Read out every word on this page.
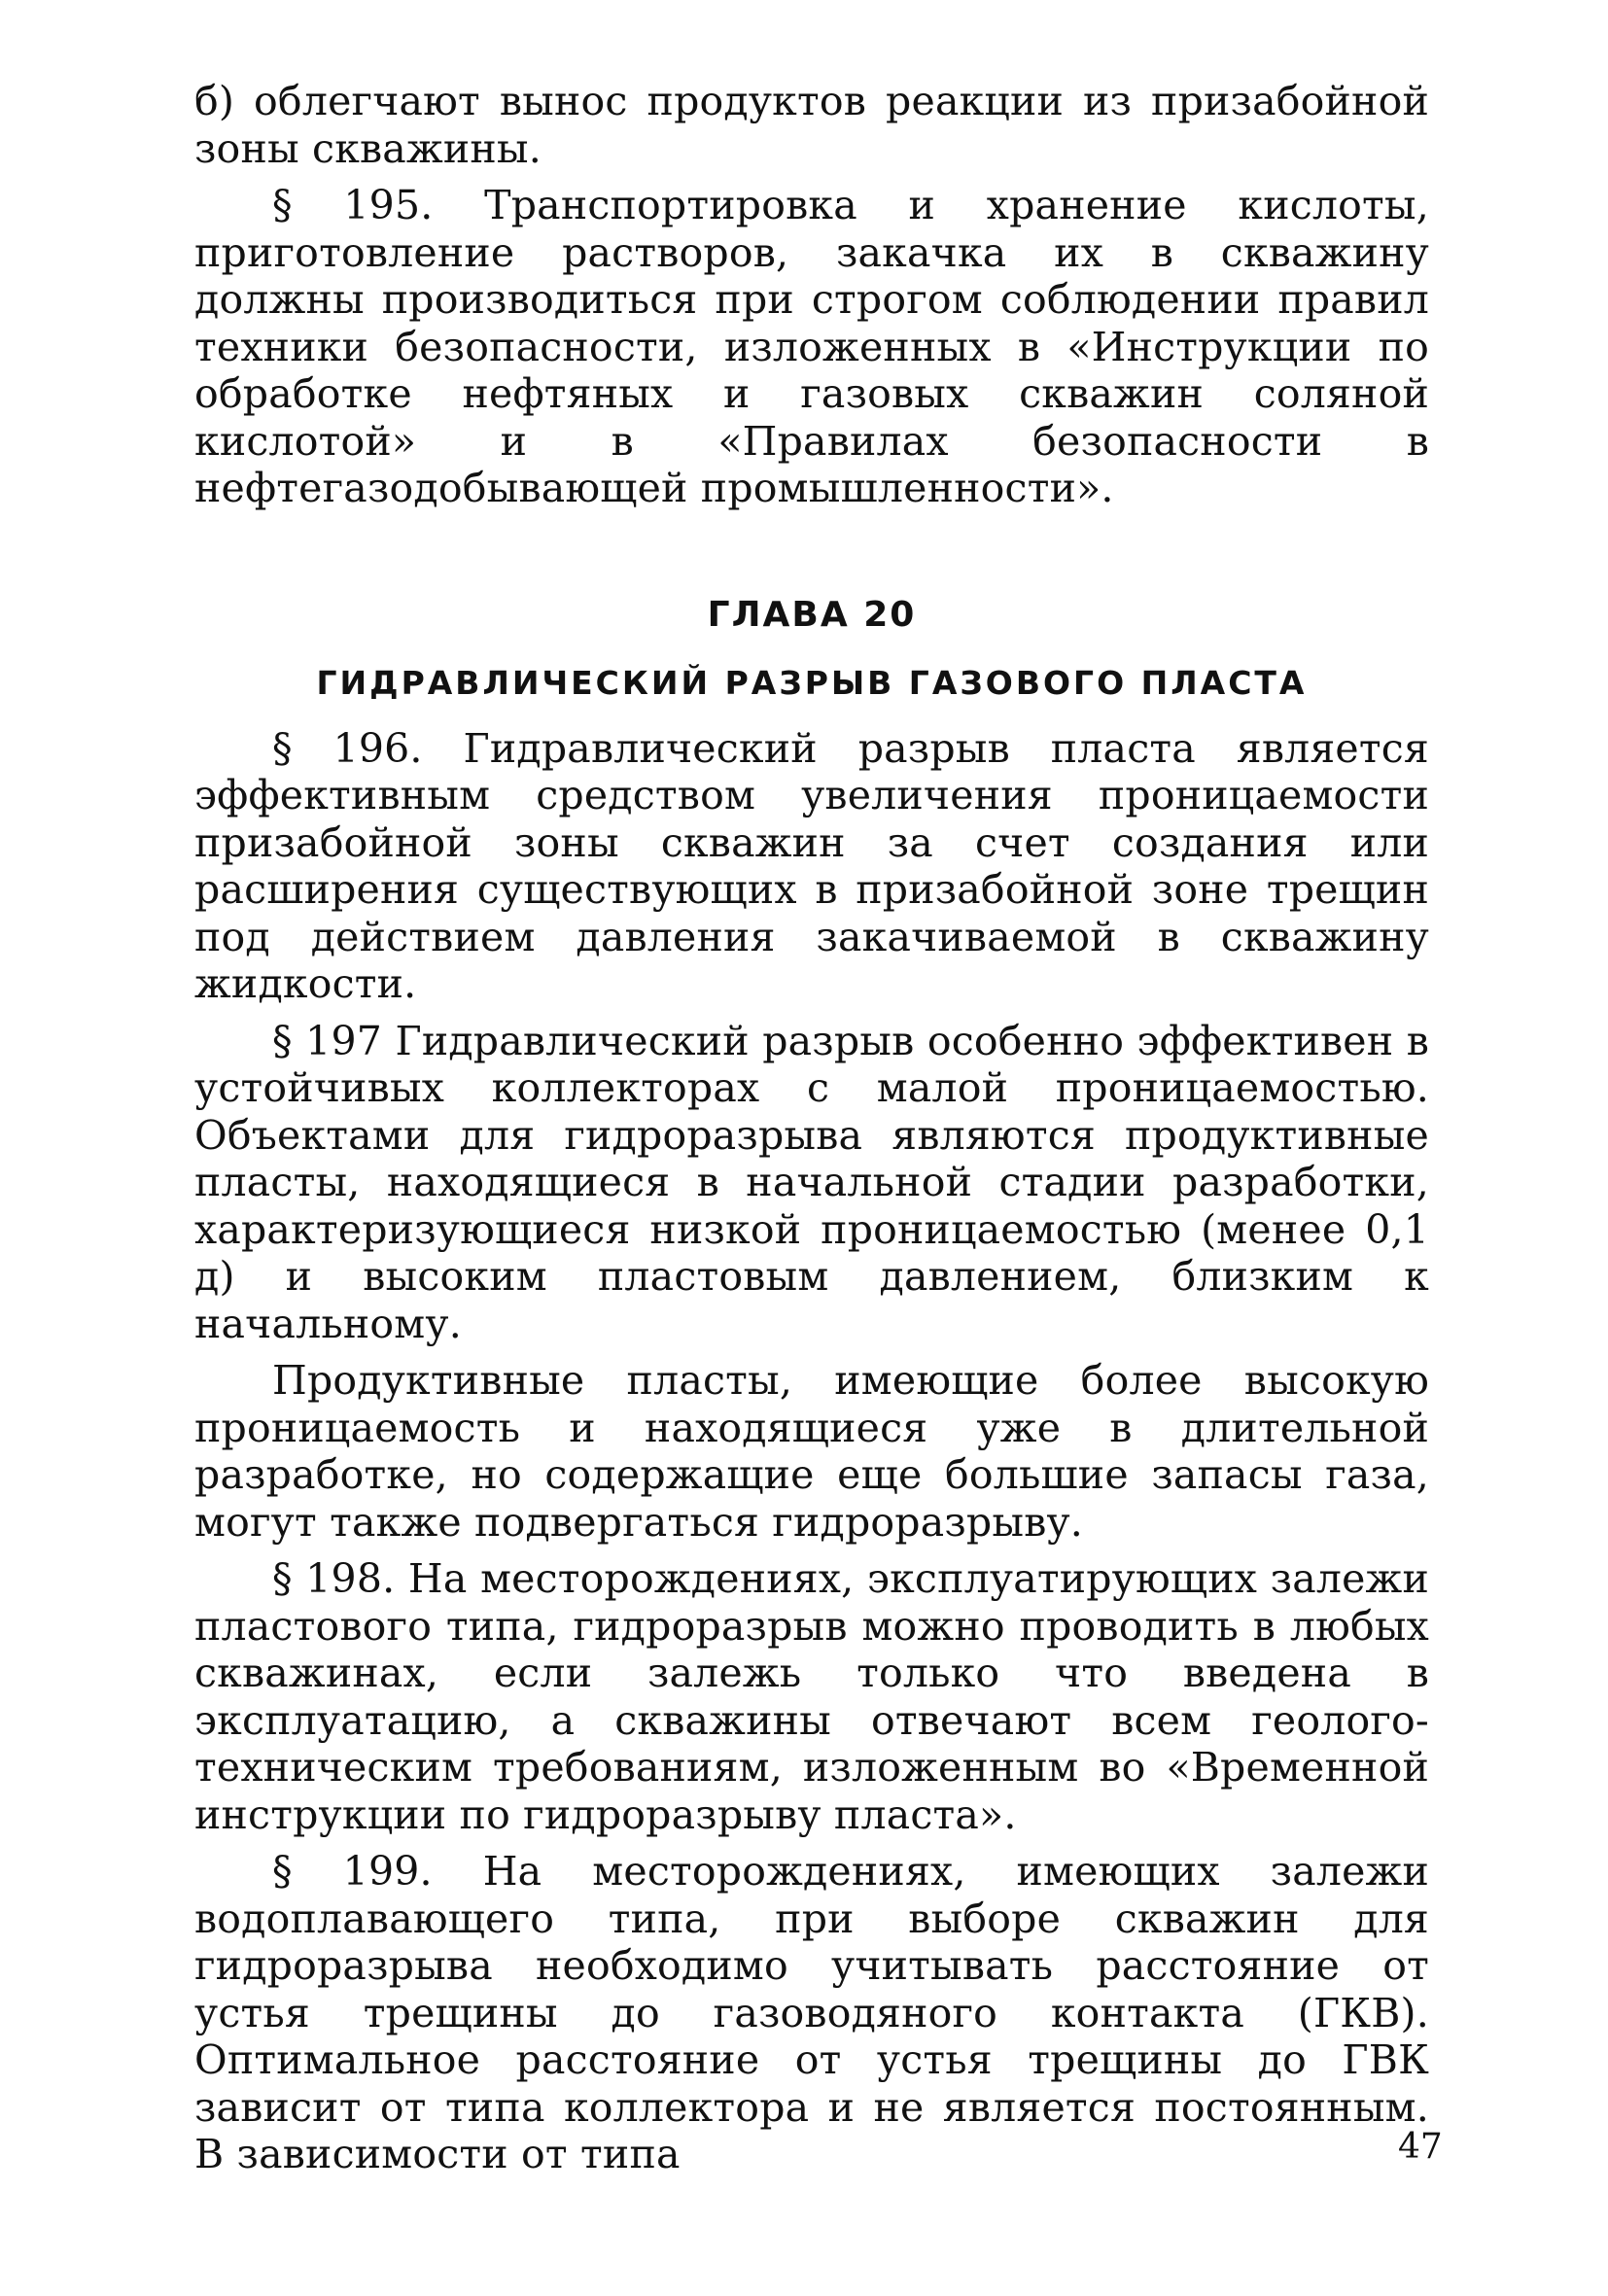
б) облегчают вынос продуктов реакции из призабойной зоны скважины.

§ 195. Транспортировка и хранение кислоты, приготовление растворов, закачка их в скважину должны производиться при строгом соблюдении правил техники безопасности, изложенных в «Инструкции по обработке нефтяных и газовых скважин соляной кислотой» и в «Правилах безопасности в нефтегазодобывающей промышленности».

ГЛАВА 20

ГИДРАВЛИЧЕСКИЙ РАЗРЫВ ГАЗОВОГО ПЛАСТА

§ 196. Гидравлический разрыв пласта является эффективным средством увеличения проницаемости призабойной зоны скважин за счет создания или расширения существующих в призабойной зоне трещин под действием давления закачиваемой в скважину жидкости.

§ 197 Гидравлический разрыв особенно эффективен в устойчивых коллекторах с малой проницаемостью. Объектами для гидроразрыва являются продуктивные пласты, находящиеся в начальной стадии разработки, характеризующиеся низкой проницаемостью (менее 0,1 д) и высоким пластовым давлением, близким к начальному.

Продуктивные пласты, имеющие более высокую проницаемость и находящиеся уже в длительной разработке, но содержащие еще большие запасы газа, могут также подвергаться гидроразрыву.

§ 198. На месторождениях, эксплуатирующих залежи пластового типа, гидроразрыв можно проводить в любых скважинах, если залежь только что введена в эксплуатацию, а скважины отвечают всем геолого-техническим требованиям, изложенным во «Временной инструкции по гидроразрыву пласта».

§ 199. На месторождениях, имеющих залежи водоплавающего типа, при выборе скважин для гидроразрыва необходимо учитывать расстояние от устья трещины до газоводяного контакта (ГКВ). Оптимальное расстояние от устья трещины до ГВК зависит от типа коллектора и не является постоянным. В зависимости от типа	47
